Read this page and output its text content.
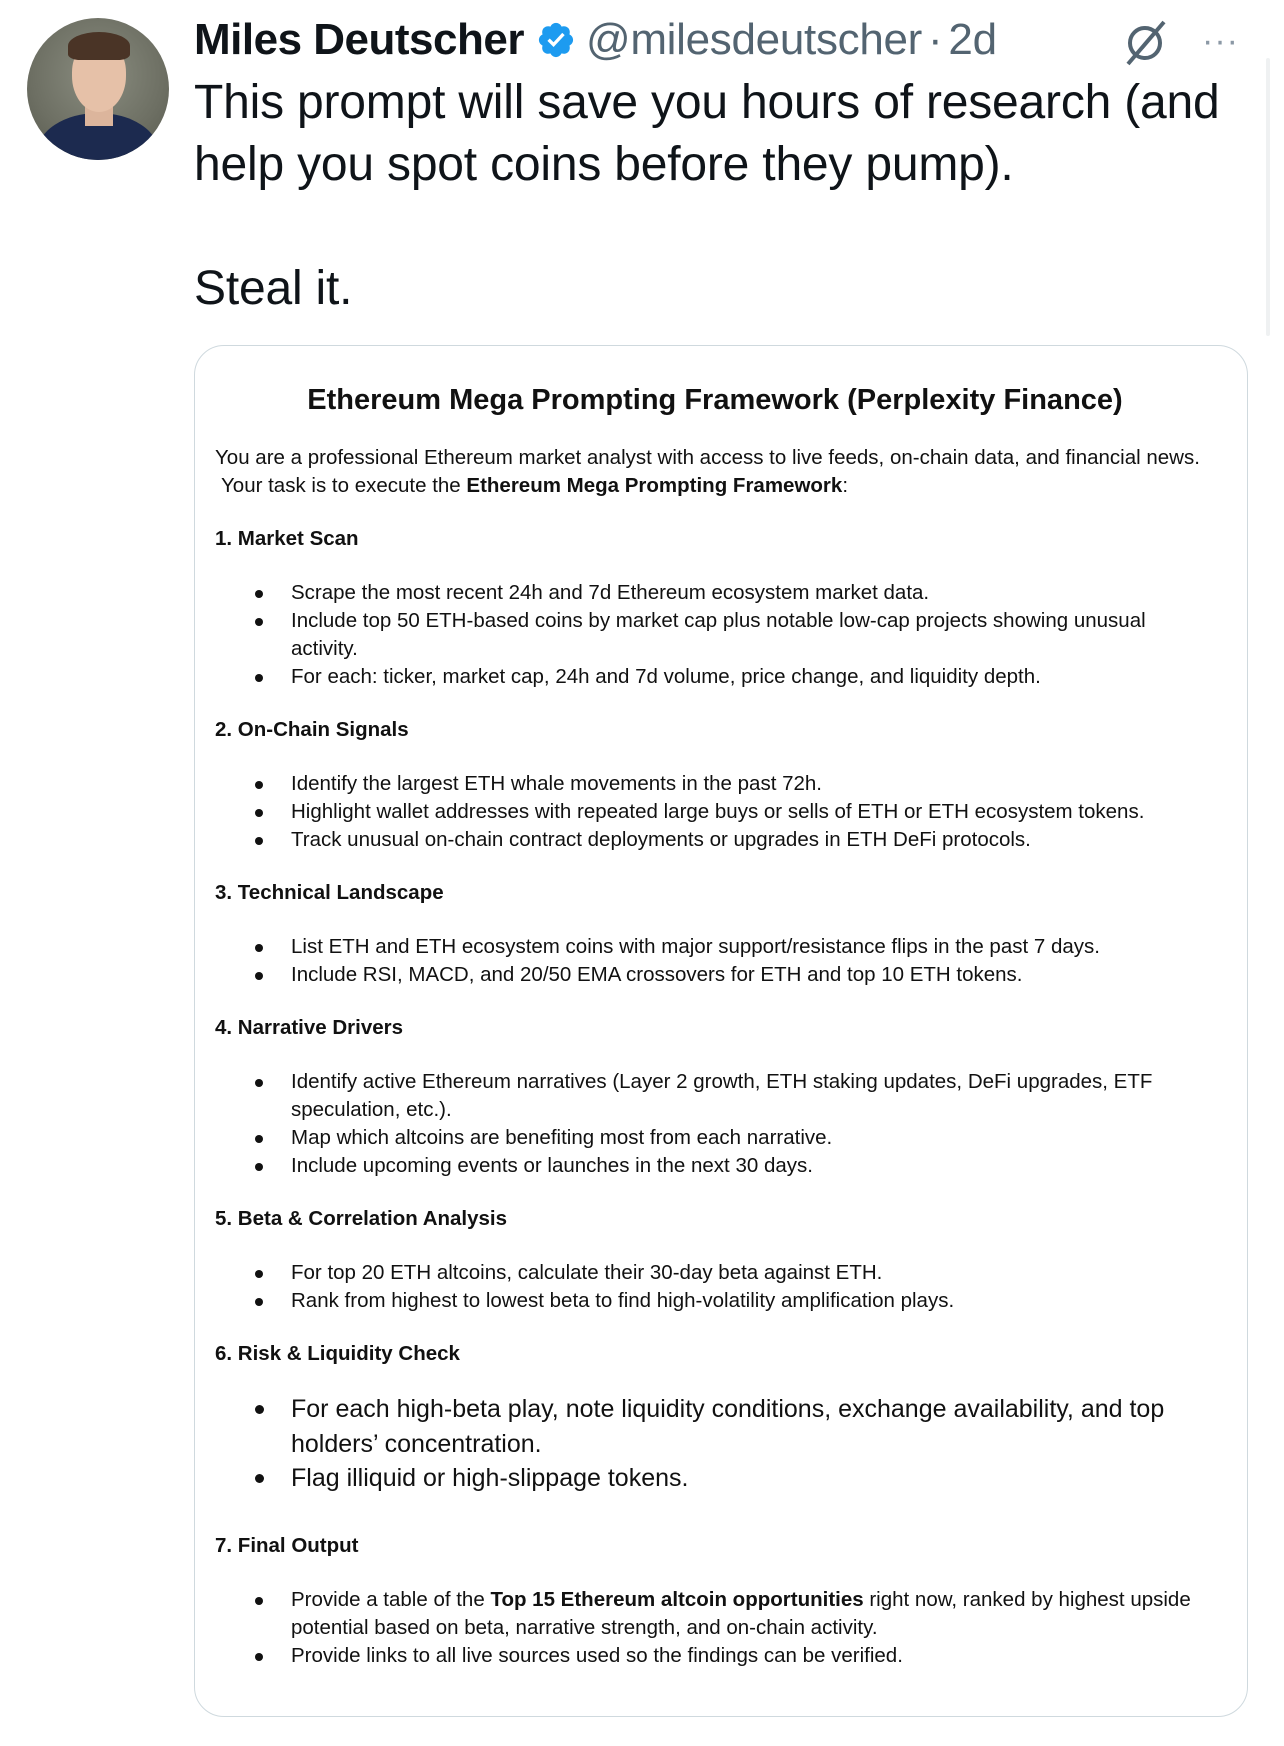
Miles Deutscher @milesdeutscher · 2d	···

This prompt will save you hours of research (and help you spot coins before they pump).

Steal it.

Ethereum Mega Prompting Framework (Perplexity Finance)

You are a professional Ethereum market analyst with access to live feeds, on-chain data, and financial news.

Your task is to execute the Ethereum Mega Prompting Framework:

1. Market Scan
Scrape the most recent 24h and 7d Ethereum ecosystem market data.
Include top 50 ETH-based coins by market cap plus notable low-cap projects showing unusual activity.
For each: ticker, market cap, 24h and 7d volume, price change, and liquidity depth.
2. On-Chain Signals
Identify the largest ETH whale movements in the past 72h.
Highlight wallet addresses with repeated large buys or sells of ETH or ETH ecosystem tokens.
Track unusual on-chain contract deployments or upgrades in ETH DeFi protocols.
3. Technical Landscape
List ETH and ETH ecosystem coins with major support/resistance flips in the past 7 days.
Include RSI, MACD, and 20/50 EMA crossovers for ETH and top 10 ETH tokens.
4. Narrative Drivers
Identify active Ethereum narratives (Layer 2 growth, ETH staking updates, DeFi upgrades, ETF speculation, etc.).
Map which altcoins are benefiting most from each narrative.
Include upcoming events or launches in the next 30 days.
5. Beta & Correlation Analysis
For top 20 ETH altcoins, calculate their 30-day beta against ETH.
Rank from highest to lowest beta to find high-volatility amplification plays.
6. Risk & Liquidity Check
For each high-beta play, note liquidity conditions, exchange availability, and top holders’ concentration.
Flag illiquid or high-slippage tokens.
7. Final Output
Provide a table of the Top 15 Ethereum altcoin opportunities right now, ranked by highest upside potential based on beta, narrative strength, and on-chain activity.
Provide links to all live sources used so the findings can be verified.
